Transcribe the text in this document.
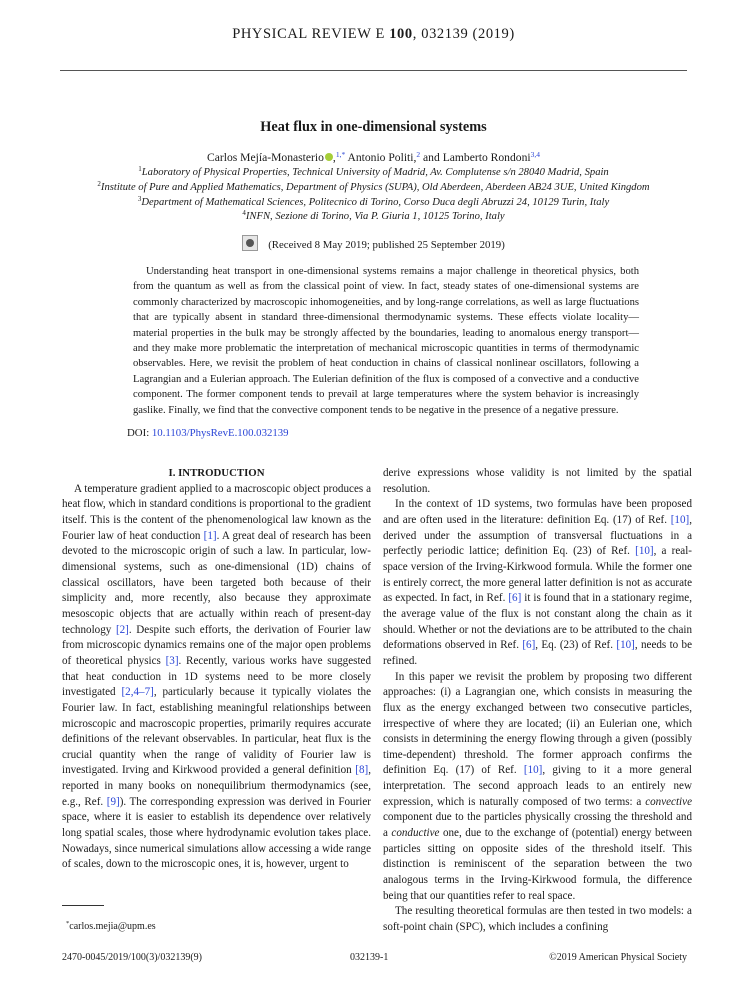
PHYSICAL REVIEW E 100, 032139 (2019)
Heat flux in one-dimensional systems
Carlos Mejía-Monasterio ,$^{1,*}$ Antonio Politi,$^2$ and Lamberto Rondoni$^{3,4}$
$^1$Laboratory of Physical Properties, Technical University of Madrid, Av. Complutense s/n 28040 Madrid, Spain
$^2$Institute of Pure and Applied Mathematics, Department of Physics (SUPA), Old Aberdeen, Aberdeen AB24 3UE, United Kingdom
$^3$Department of Mathematical Sciences, Politecnico di Torino, Corso Duca degli Abruzzi 24, 10129 Turin, Italy
$^4$INFN, Sezione di Torino, Via P. Giuria 1, 10125 Torino, Italy
(Received 8 May 2019; published 25 September 2019)
Understanding heat transport in one-dimensional systems remains a major challenge in theoretical physics, both from the quantum as well as from the classical point of view. In fact, steady states of one-dimensional systems are commonly characterized by macroscopic inhomogeneities, and by long-range correlations, as well as large fluctuations that are typically absent in standard three-dimensional thermodynamic systems. These effects violate locality—material properties in the bulk may be strongly affected by the boundaries, leading to anomalous energy transport—and they make more problematic the interpretation of mechanical microscopic quantities in terms of thermodynamic observables. Here, we revisit the problem of heat conduction in chains of classical nonlinear oscillators, following a Lagrangian and a Eulerian approach. The Eulerian definition of the flux is composed of a convective and a conductive component. The former component tends to prevail at large temperatures where the system behavior is increasingly gaslike. Finally, we find that the convective component tends to be negative in the presence of a negative pressure.
DOI: 10.1103/PhysRevE.100.032139

I. INTRODUCTION

A temperature gradient applied to a macroscopic object produces a heat flow, which in standard conditions is proportional to the gradient itself. This is the content of the phenomenological law known as the Fourier law of heat conduction [1]. A great deal of research has been devoted to the microscopic origin of such a law. In particular, low-dimensional systems, such as one-dimensional (1D) chains of classical oscillators, have been targeted both because of their simplicity and, more recently, also because they approximate mesoscopic objects that are actually within reach of present-day technology [2]. Despite such efforts, the derivation of Fourier law from microscopic dynamics remains one of the major open problems of theoretical physics [3]. Recently, various works have suggested that heat conduction in 1D systems need to be more closely investigated [2,4–7], particularly because it typically violates the Fourier law. In fact, establishing meaningful relationships between microscopic and macroscopic properties, primarily requires accurate definitions of the relevant observables. In particular, heat flux is the crucial quantity when the range of validity of Fourier law is investigated. Irving and Kirkwood provided a general definition [8], reported in many books on nonequilibrium thermodynamics (see, e.g., Ref. [9]). The corresponding expression was derived in Fourier space, where it is easier to establish its dependence over relatively long spatial scales, those where hydrodynamic evolution takes place. Nowadays, since numerical simulations allow accessing a wide range of scales, down to the microscopic ones, it is, however, urgent to

derive expressions whose validity is not limited by the spatial resolution.

In the context of 1D systems, two formulas have been proposed and are often used in the literature: definition Eq. (17) of Ref. [10], derived under the assumption of transversal fluctuations in a perfectly periodic lattice; definition Eq. (23) of Ref. [10], a real-space version of the Irving-Kirkwood formula. While the former one is entirely correct, the more general latter definition is not as accurate as expected. In fact, in Ref. [6] it is found that in a stationary regime, the average value of the flux is not constant along the chain as it should. Whether or not the deviations are to be attributed to the chain deformations observed in Ref. [6], Eq. (23) of Ref. [10], needs to be refined.

In this paper we revisit the problem by proposing two different approaches: (i) a Lagrangian one, which consists in measuring the flux as the energy exchanged between two consecutive particles, irrespective of where they are located; (ii) an Eulerian one, which consists in determining the energy flowing through a given (possibly time-dependent) threshold. The former approach confirms the definition Eq. (17) of Ref. [10], giving to it a more general interpretation. The second approach leads to an entirely new expression, which is naturally composed of two terms: a convective component due to the particles physically crossing the threshold and a conductive one, due to the exchange of (potential) energy between particles sitting on opposite sides of the threshold itself. This distinction is reminiscent of the separation between the two analogous terms in the Irving-Kirkwood formula, the difference being that our quantities refer to real space.

The resulting theoretical formulas are then tested in two models: a soft-point chain (SPC), which includes a confining

*carlos.mejia@upm.es
2470-0045/2019/100(3)/032139(9)	032139-1	©2019 American Physical Society
